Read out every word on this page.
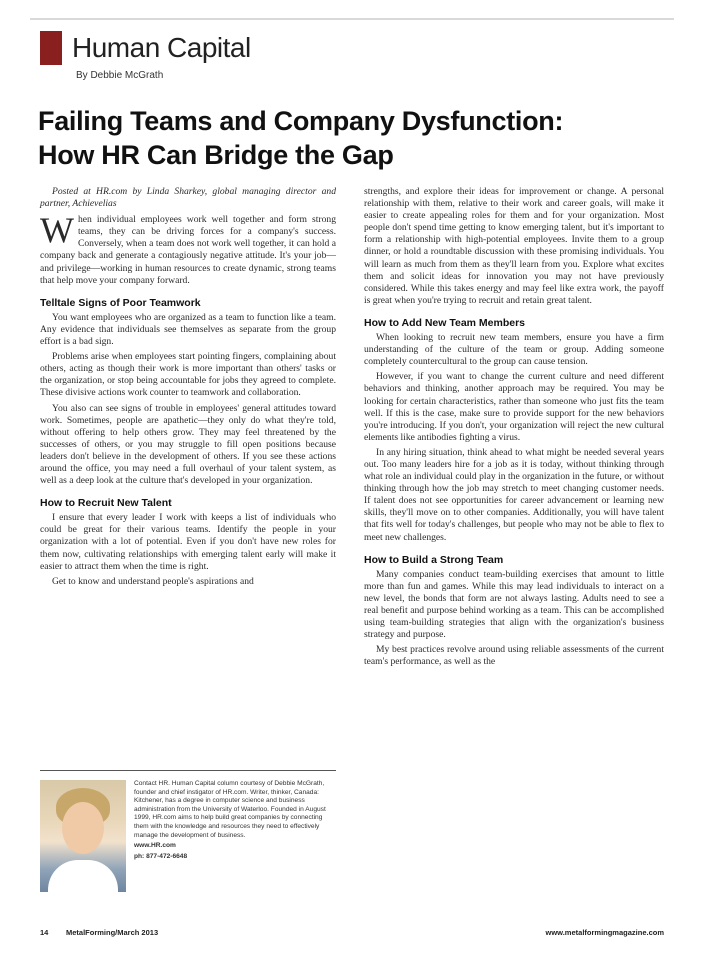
Human Capital
By Debbie McGrath
Failing Teams and Company Dysfunction:
How HR Can Bridge the Gap

Posted at HR.com by Linda Sharkey, global managing director and partner, Achievelias

When individual employees work well together and form strong teams, they can be driving forces for a company's success. Conversely, when a team does not work well together, it can hold a company back and generate a contagiously negative attitude. It's your job—and privilege—working in human resources to create dynamic, strong teams that help move your company forward.

Telltale Signs of Poor Teamwork

You want employees who are organized as a team to function like a team. Any evidence that individuals see themselves as separate from the group effort is a bad sign.

Problems arise when employees start pointing fingers, complaining about others, acting as though their work is more important than others' tasks or the organization, or stop being accountable for jobs they agreed to complete. These divisive actions work counter to teamwork and collaboration.

You also can see signs of trouble in employees' general attitudes toward work. Sometimes, people are apathetic—they only do what they're told, without offering to help others grow. They may feel threatened by the successes of others, or you may struggle to fill open positions because leaders don't believe in the development of others. If you see these actions around the office, you may need a full overhaul of your talent system, as well as a deep look at the culture that's developed in your organization.

How to Recruit New Talent

I ensure that every leader I work with keeps a list of individuals who could be great for their various teams. Identify the people in your organization with a lot of potential. Even if you don't have new roles for them now, cultivating relationships with emerging talent early will make it easier to attract them when the time is right.

Get to know and understand people's aspirations and

strengths, and explore their ideas for improvement or change. A personal relationship with them, relative to their work and career goals, will make it easier to create appealing roles for them and for your organization. Most people don't spend time getting to know emerging talent, but it's important to form a relationship with high-potential employees. Invite them to a group dinner, or hold a roundtable discussion with these promising individuals. You will learn as much from them as they'll learn from you. Explore what excites them and solicit ideas for innovation you may not have previously considered. While this takes energy and may feel like extra work, the payoff is great when you're trying to recruit and retain great talent.

How to Add New Team Members

When looking to recruit new team members, ensure you have a firm understanding of the culture of the team or group. Adding someone completely countercultural to the group can cause tension.

However, if you want to change the current culture and need different behaviors and thinking, another approach may be required. You may be looking for certain characteristics, rather than someone who just fits the team well. If this is the case, make sure to provide support for the new behaviors you're introducing. If you don't, your organization will reject the new cultural elements like antibodies fighting a virus.

In any hiring situation, think ahead to what might be needed several years out. Too many leaders hire for a job as it is today, without thinking through what role an individual could play in the organization in the future, or without thinking through how the job may stretch to meet changing customer needs. If talent does not see opportunities for career advancement or learning new skills, they'll move on to other companies. Additionally, you will have talent that fits well for today's challenges, but people who may not be able to flex to meet new challenges.

How to Build a Strong Team

Many companies conduct team-building exercises that amount to little more than fun and games. While this may lead individuals to interact on a new level, the bonds that form are not always lasting. Adults need to see a real benefit and purpose behind working as a team. This can be accomplished using team-building strategies that align with the organization's business strategy and purpose.

My best practices revolve around using reliable assessments of the current team's performance, as well as the

Contact HR. Human Capital column courtesy of Debbie McGrath, founder and chief instigator of HR.com. Writer, thinker, Canada: Kitchener, has a degree in computer science and business administration from the University of Waterloo. Founded in August 1999, HR.com aims to help build great companies by connecting them with the knowledge and resources they need to effectively manage the development of business.
www.HR.com
ph: 877-472-6648
14 MetalForming/March 2013	www.metalformingmagazine.com
